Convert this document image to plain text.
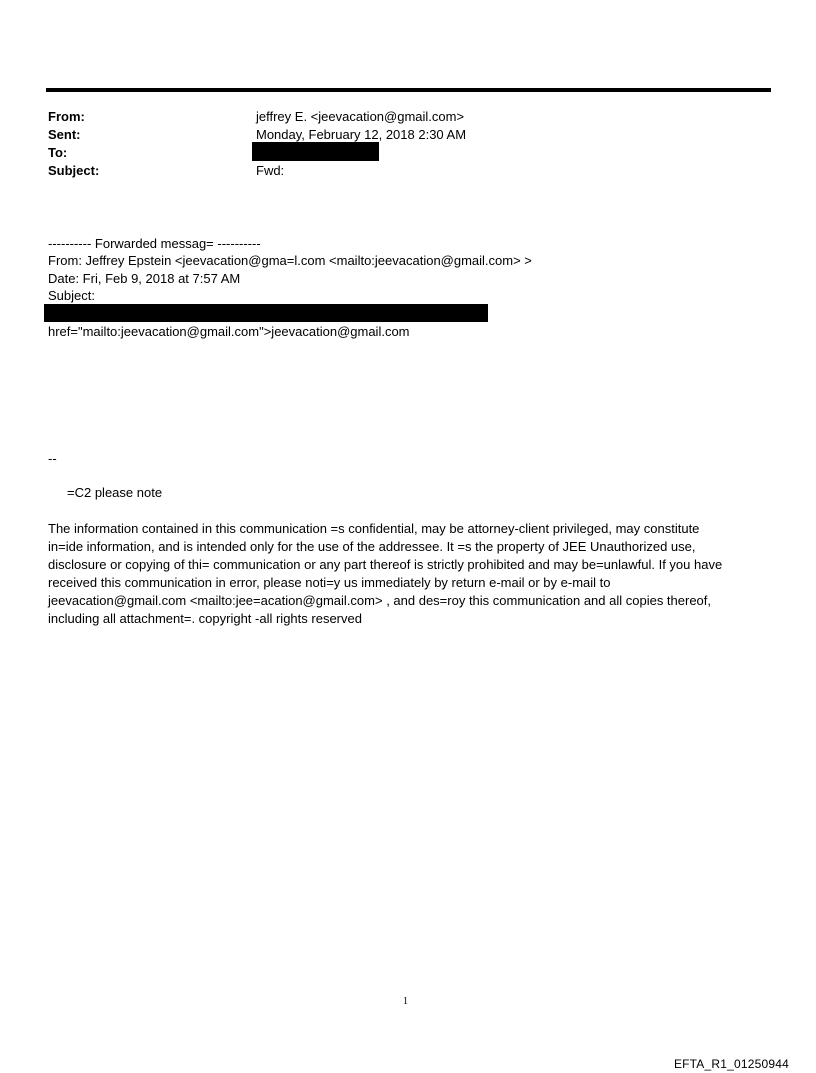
From:	jeffrey E. <jeevacation@gmail.com>
Sent:	Monday, February 12, 2018 2:30 AM
To:
Subject:	Fwd:
---------- Forwarded messag= ----------
From: Jeffrey Epstein <jeevacation@gma=l.com <mailto:jeevacation@gmail.com> >
Date: Fri, Feb 9, 2018 at 7:57 AM
Subject:
href="mailto:jeevacation@gmail.com">jeevacation@gmail.com
--
=C2 please note
The information contained in this communication =s confidential, may be attorney-client privileged, may constitute
in=ide information, and is intended only for the use of the addressee. It =s the property of JEE Unauthorized use,
disclosure or copying of thi= communication or any part thereof is strictly prohibited and may be=unlawful. If you have
received this communication in error, please noti=y us immediately by return e-mail or by e-mail to
jeevacation@gmail.com <mailto:jee=acation@gmail.com> , and des=roy this communication and all copies thereof,
including all attachment=. copyright -all rights reserved
1
EFTA_R1_01250944
